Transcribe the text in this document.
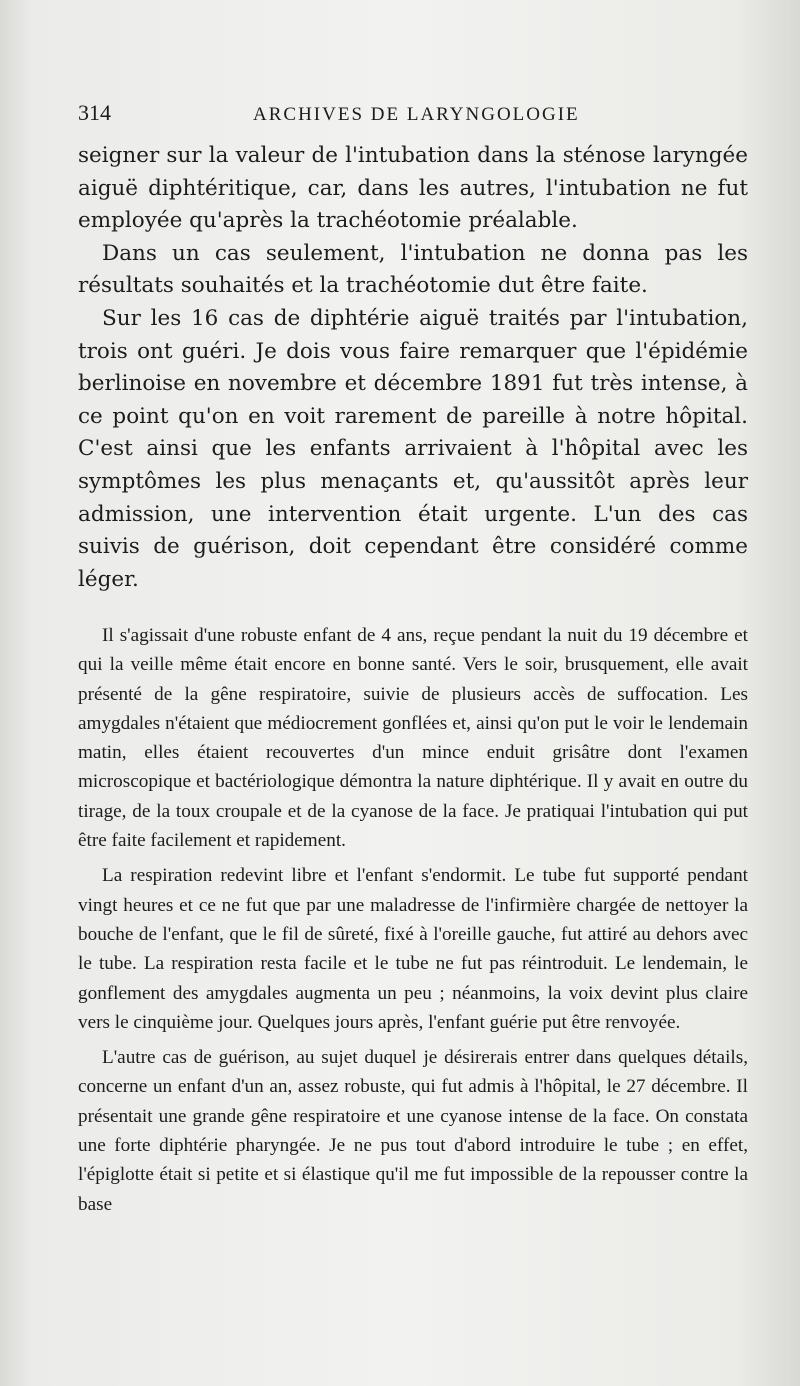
314	ARCHIVES DE LARYNGOLOGIE

seigner sur la valeur de l'intubation dans la sténose laryngée aiguë diphtéritique, car, dans les autres, l'intubation ne fut employée qu'après la trachéotomie préalable.

Dans un cas seulement, l'intubation ne donna pas les résultats souhaités et la trachéotomie dut être faite.

Sur les 16 cas de diphtérie aiguë traités par l'intubation, trois ont guéri. Je dois vous faire remarquer que l'épidémie berlinoise en novembre et décembre 1891 fut très intense, à ce point qu'on en voit rarement de pareille à notre hôpital. C'est ainsi que les enfants arrivaient à l'hôpital avec les symptômes les plus menaçants et, qu'aussitôt après leur admission, une intervention était urgente. L'un des cas suivis de guérison, doit cependant être considéré comme léger.

Il s'agissait d'une robuste enfant de 4 ans, reçue pendant la nuit du 19 décembre et qui la veille même était encore en bonne santé. Vers le soir, brusquement, elle avait présenté de la gêne respiratoire, suivie de plusieurs accès de suffocation. Les amygdales n'étaient que médiocrement gonflées et, ainsi qu'on put le voir le lendemain matin, elles étaient recouvertes d'un mince enduit grisâtre dont l'examen microscopique et bactériologique démontra la nature diphtérique. Il y avait en outre du tirage, de la toux croupale et de la cyanose de la face. Je pratiquai l'intubation qui put être faite facilement et rapidement.

La respiration redevint libre et l'enfant s'endormit. Le tube fut supporté pendant vingt heures et ce ne fut que par une maladresse de l'infirmière chargée de nettoyer la bouche de l'enfant, que le fil de sûreté, fixé à l'oreille gauche, fut attiré au dehors avec le tube. La respiration resta facile et le tube ne fut pas réintroduit. Le lendemain, le gonflement des amygdales augmenta un peu ; néanmoins, la voix devint plus claire vers le cinquième jour. Quelques jours après, l'enfant guérie put être renvoyée.

L'autre cas de guérison, au sujet duquel je désirerais entrer dans quelques détails, concerne un enfant d'un an, assez robuste, qui fut admis à l'hôpital, le 27 décembre. Il présentait une grande gêne respiratoire et une cyanose intense de la face. On constata une forte diphtérie pharyngée. Je ne pus tout d'abord introduire le tube ; en effet, l'épiglotte était si petite et si élastique qu'il me fut impossible de la repousser contre la base
